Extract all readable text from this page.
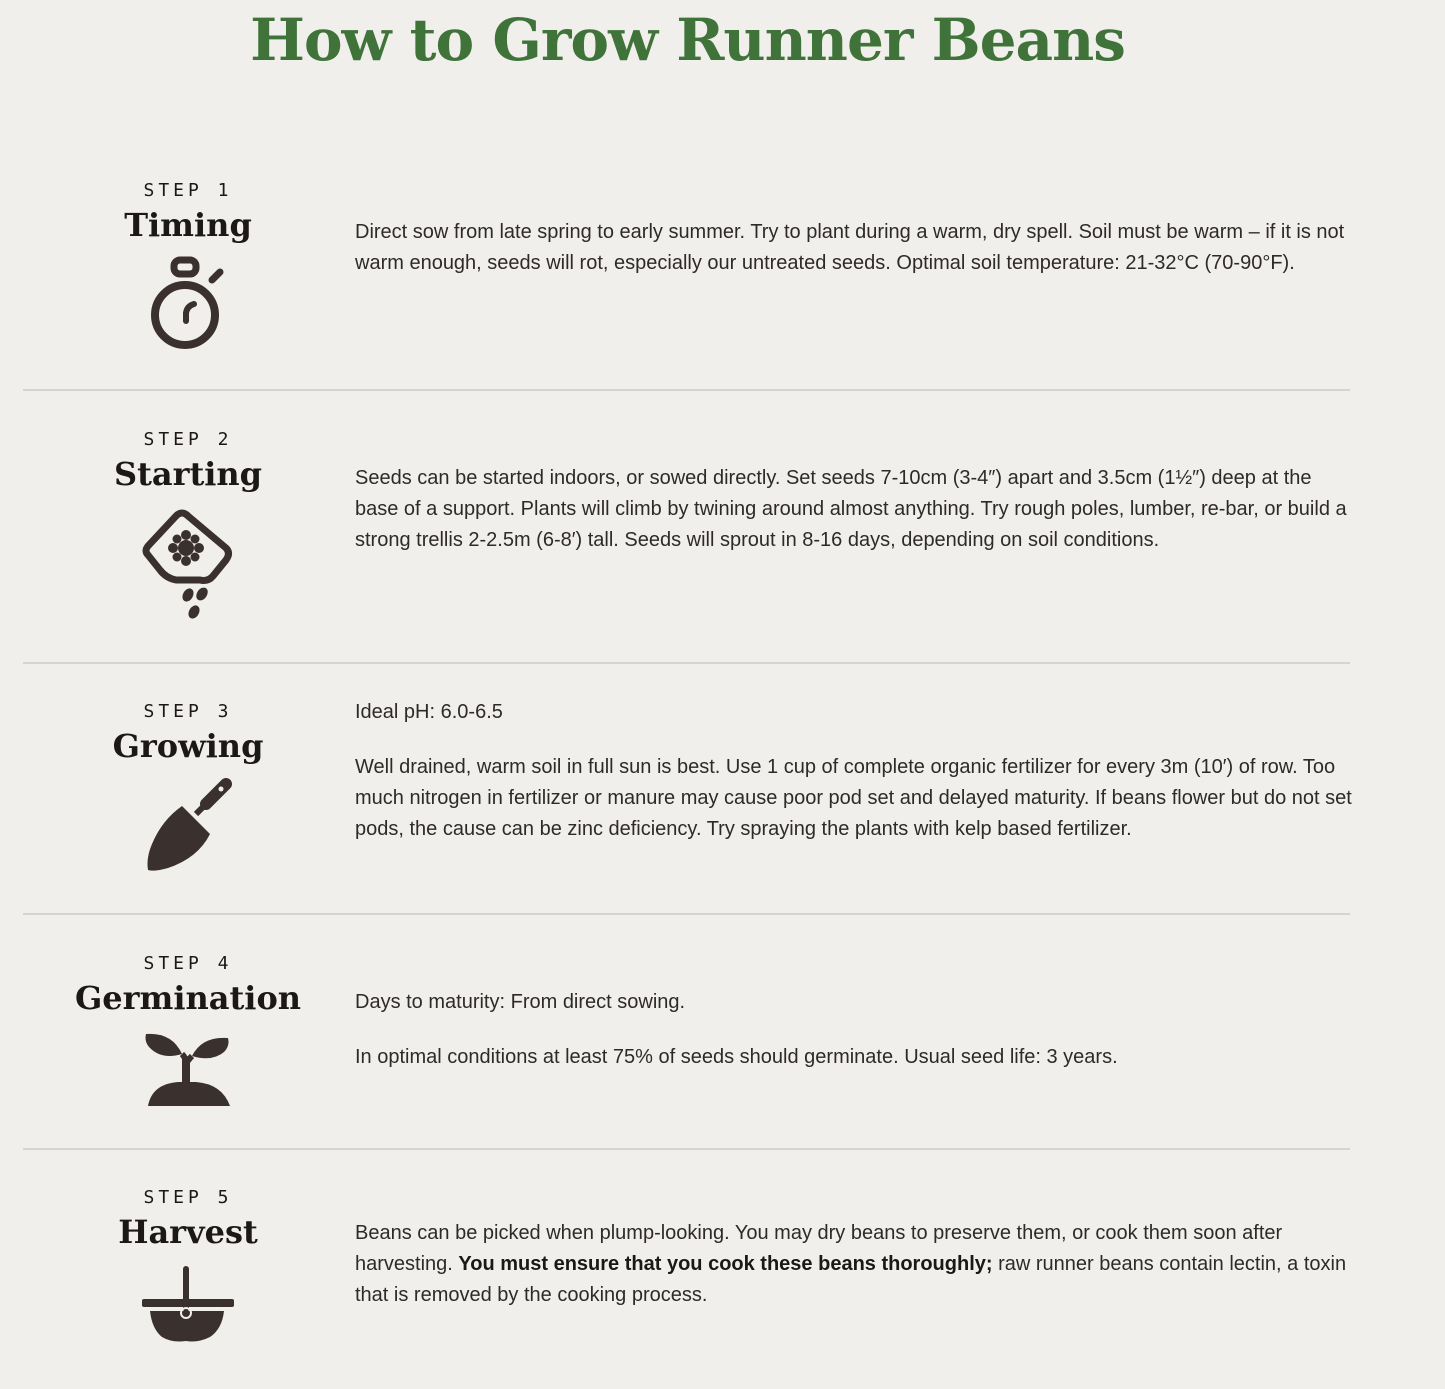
How to Grow Runner Beans
STEP 1
Timing	Direct sow from late spring to early summer. Try to plant during a warm, dry spell. Soil must be warm – if it is not warm enough, seeds will rot, especially our untreated seeds. Optimal soil temperature: 21-32°C (70-90°F).

STEP 2
Starting	Seeds can be started indoors, or sowed directly. Set seeds 7-10cm (3-4″) apart and 3.5cm (1½″) deep at the base of a support. Plants will climb by twining around almost anything. Try rough poles, lumber, re-bar, or build a strong trellis 2-2.5m (6-8′) tall. Seeds will sprout in 8-16 days, depending on soil conditions.

STEP 3
Growing

Ideal pH: 6.0-6.5

Well drained, warm soil in full sun is best. Use 1 cup of complete organic fertilizer for every 3m (10′) of row. Too much nitrogen in fertilizer or manure may cause poor pod set and delayed maturity. If beans flower but do not set pods, the cause can be zinc deficiency. Try spraying the plants with kelp based fertilizer.

STEP 4
Germination	Days to maturity: From direct sowing.

In optimal conditions at least 75% of seeds should germinate. Usual seed life: 3 years.

STEP 5
Harvest	Beans can be picked when plump-looking. You may dry beans to preserve them, or cook them soon after harvesting. You must ensure that you cook these beans thoroughly; raw runner beans contain lectin, a toxin that is removed by the cooking process.
